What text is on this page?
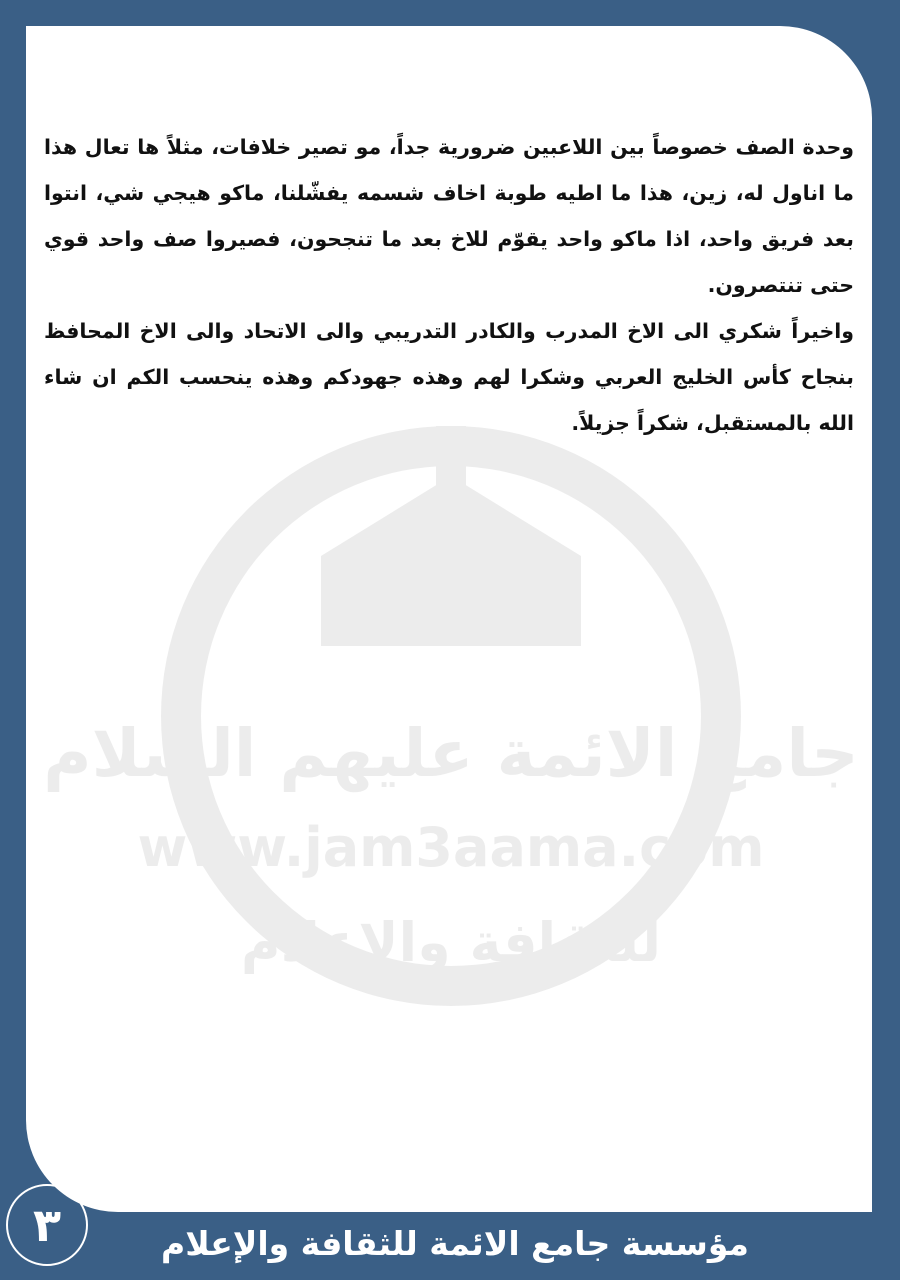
جامع الائمة عليهم السلام
www.jam3aama.com
للثقافة والإعلام

وحدة الصف خصوصاً بين اللاعبين ضرورية جداً، مو تصير خلافات، مثلاً ها تعال هذا ما اناول له، زين، هذا ما اطيه طوبة اخاف شسمه يفشّلنا، ماكو هيجي شي، انتوا بعد فريق واحد، اذا ماكو واحد يقوّم للاخ بعد ما تنجحون، فصيروا صف واحد قوي حتى تنتصرون.

واخيراً شكري الى الاخ المدرب والكادر التدريبي والى الاتحاد والى الاخ المحافظ بنجاح كأس الخليج العربي وشكرا لهم وهذه جهودكم وهذه ينحسب الكم ان شاء الله بالمستقبل، شكراً جزيلاً.

٣	مؤسسة جامع الائمة للثقافة والإعلام
